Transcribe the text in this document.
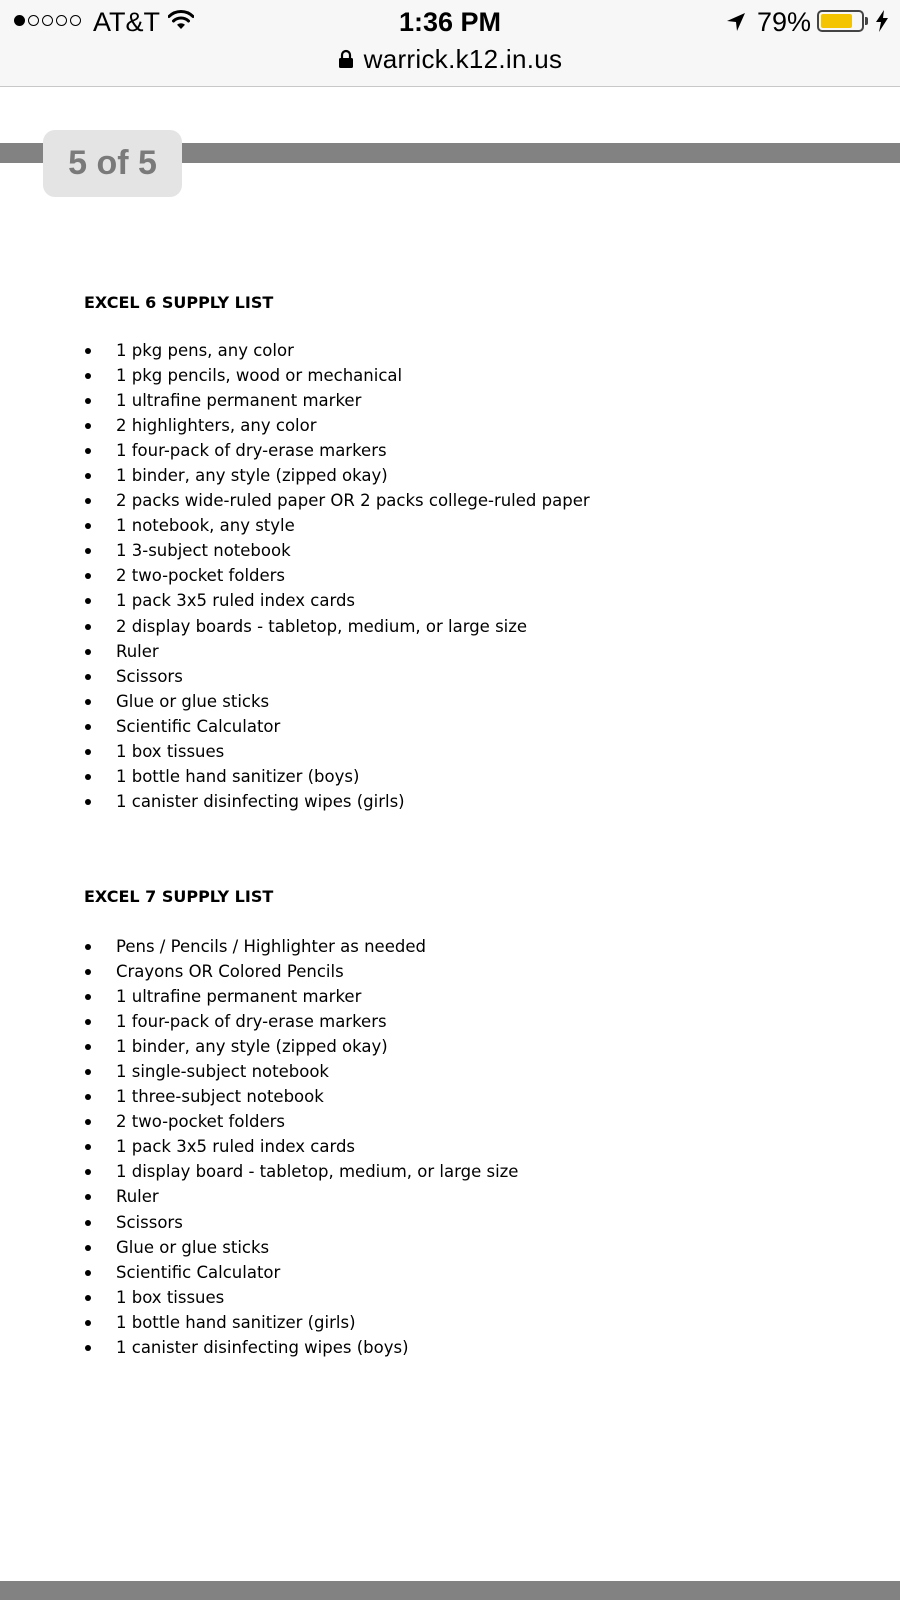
AT&T	1:36 PM	79%
warrick.k12.in.us
5 of 5
EXCEL 6 SUPPLY LIST
1 pkg pens, any color
1 pkg pencils, wood or mechanical
1 ultrafine permanent marker
2 highlighters, any color
1 four-pack of dry-erase markers
1 binder, any style (zipped okay)
2 packs wide-ruled paper OR 2 packs college-ruled paper
1 notebook, any style
1 3-subject notebook
2 two-pocket folders
1 pack 3x5 ruled index cards
2 display boards - tabletop, medium, or large size
Ruler
Scissors
Glue or glue sticks
Scientific Calculator
1 box tissues
1 bottle hand sanitizer (boys)
1 canister disinfecting wipes (girls)
EXCEL 7 SUPPLY LIST
Pens / Pencils / Highlighter as needed
Crayons OR Colored Pencils
1 ultrafine permanent marker
1 four-pack of dry-erase markers
1 binder, any style (zipped okay)
1 single-subject notebook
1 three-subject notebook
2 two-pocket folders
1 pack 3x5 ruled index cards
1 display board - tabletop, medium, or large size
Ruler
Scissors
Glue or glue sticks
Scientific Calculator
1 box tissues
1 bottle hand sanitizer (girls)
1 canister disinfecting wipes (boys)
